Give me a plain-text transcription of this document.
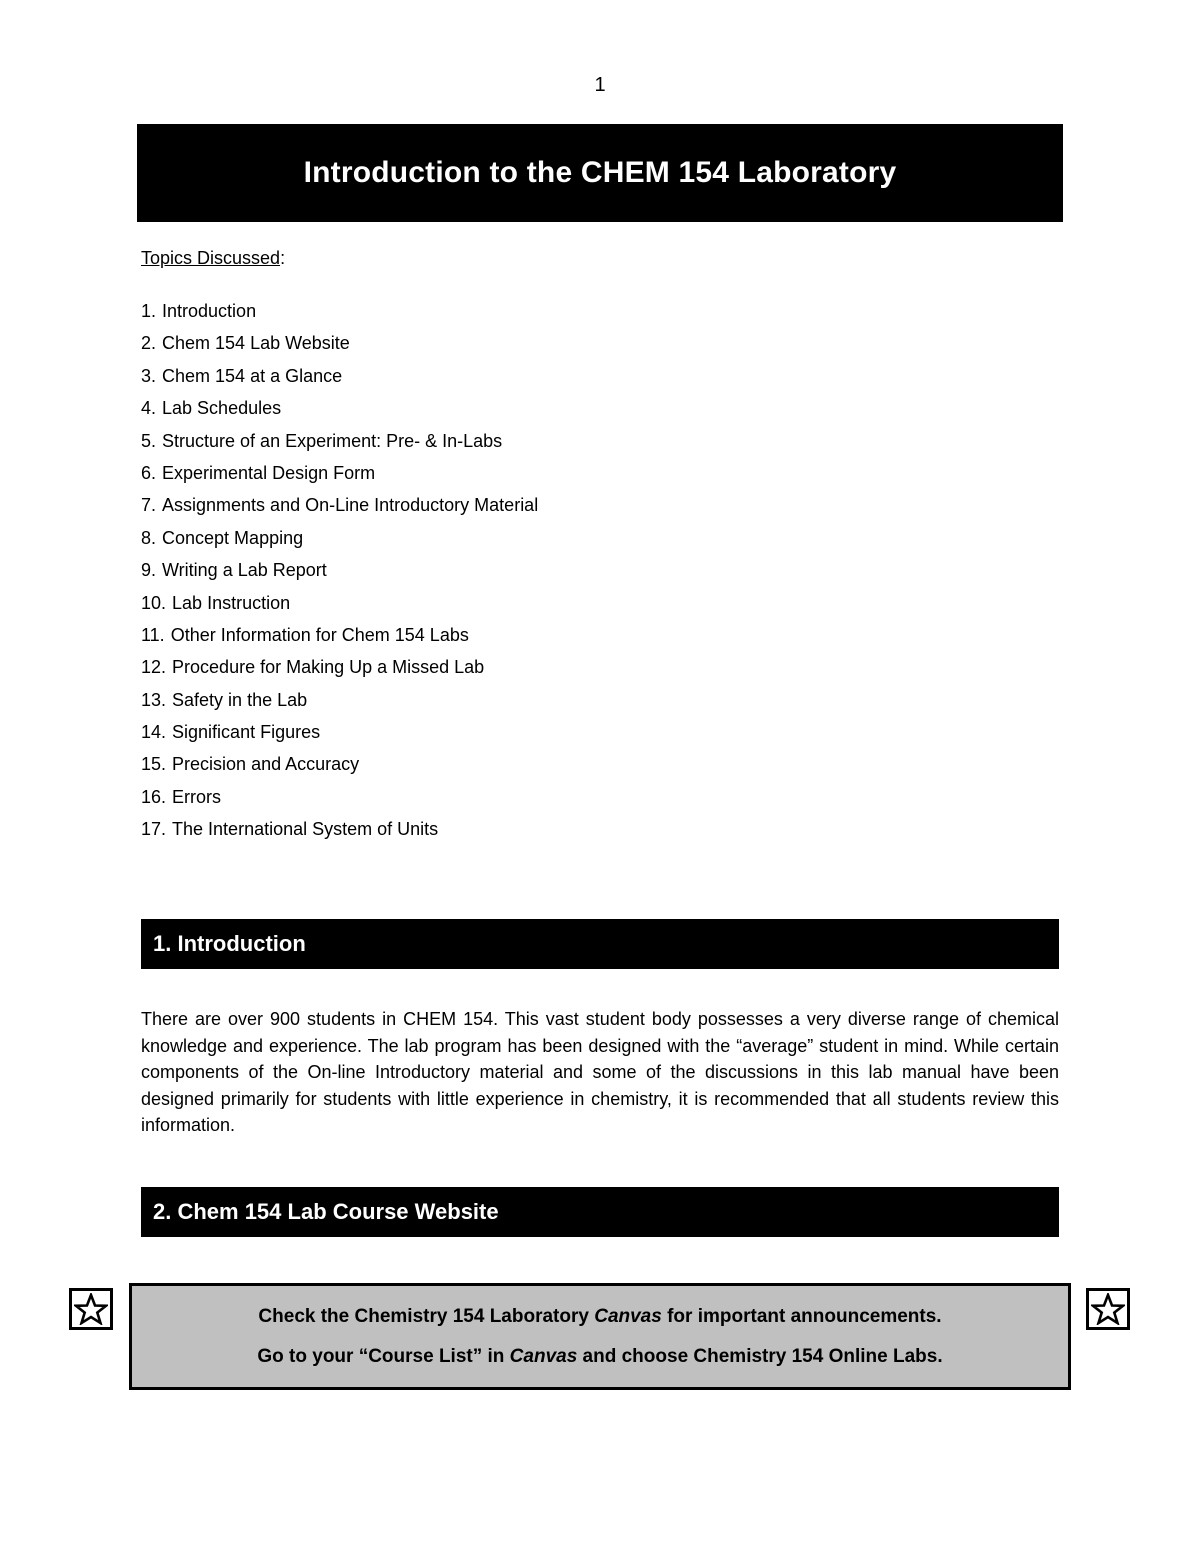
1
Introduction to the CHEM 154 Laboratory
Topics Discussed:
1. Introduction
2. Chem 154 Lab Website
3. Chem 154 at a Glance
4. Lab Schedules
5. Structure of an Experiment: Pre- & In-Labs
6. Experimental Design Form
7. Assignments and On-Line Introductory Material
8. Concept Mapping
9. Writing a Lab Report
10. Lab Instruction
11. Other Information for Chem 154 Labs
12. Procedure for Making Up a Missed Lab
13. Safety in the Lab
14. Significant Figures
15. Precision and Accuracy
16. Errors
17. The International System of Units
1. Introduction

There are over 900 students in CHEM 154. This vast student body possesses a very diverse range of chemical knowledge and experience. The lab program has been designed with the “average” student in mind. While certain components of the On-line Introductory material and some of the discussions in this lab manual have been designed primarily for students with little experience in chemistry, it is recommended that all students review this information.

2. Chem 154 Lab Course Website

Check the Chemistry 154 Laboratory Canvas for important announcements.

Go to your “Course List” in Canvas and choose Chemistry 154 Online Labs.
